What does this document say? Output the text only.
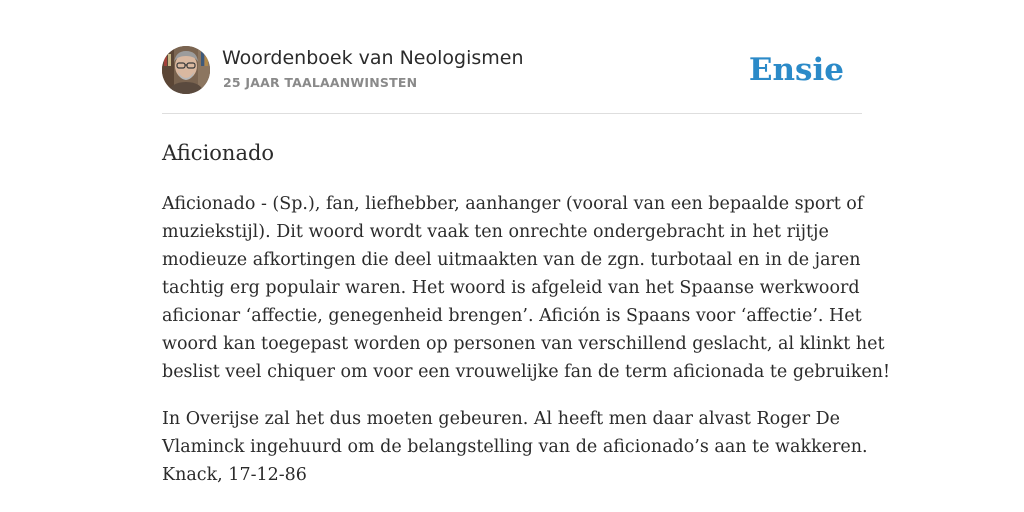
Woordenboek van Neologismen
25 JAAR TAALAANWINSTEN	Ensie
Aficionado

Aficionado - (Sp.), fan, liefhebber, aanhanger (vooral van een bepaalde sport of
muziekstijl). Dit woord wordt vaak ten onrechte ondergebracht in het rijtje
modieuze afkortingen die deel uitmaakten van de zgn. turbotaal en in de jaren
tachtig erg populair waren. Het woord is afgeleid van het Spaanse werkwoord
aficionar ‘affectie, genegenheid brengen’. Afición is Spaans voor ‘affectie’. Het
woord kan toegepast worden op personen van verschillend geslacht, al klinkt het
beslist veel chiquer om voor een vrouwelijke fan de term aficionada te gebruiken!

In Overijse zal het dus moeten gebeuren. Al heeft men daar alvast Roger De
Vlaminck ingehuurd om de belangstelling van de aficionado’s aan te wakkeren.
Knack, 17-12-86
